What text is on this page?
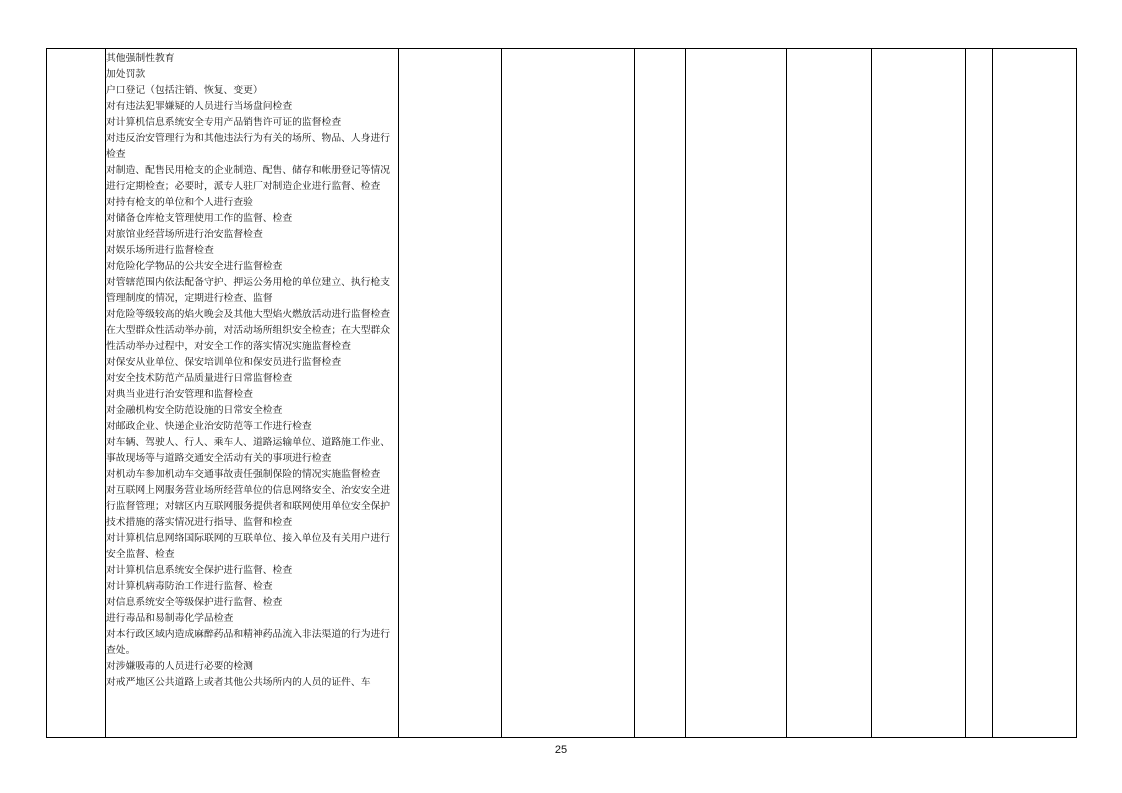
其他强制性教育
加处罚款
户口登记（包括注销、恢复、变更）
对有违法犯罪嫌疑的人员进行当场盘问检查
对计算机信息系统安全专用产品销售许可证的监督检查
对违反治安管理行为和其他违法行为有关的场所、物品、人身进行检查
对制造、配售民用枪支的企业制造、配售、储存和帐册登记等情况进行定期检查；必要时，派专人驻厂对制造企业进行监督、检查
对持有枪支的单位和个人进行查验
对储备仓库枪支管理使用工作的监督、检查
对旅馆业经营场所进行治安监督检查
对娱乐场所进行监督检查
对危险化学物品的公共安全进行监督检查
对管辖范围内依法配备守护、押运公务用枪的单位建立、执行枪支管理制度的情况，定期进行检查、监督
对危险等级较高的焰火晚会及其他大型焰火燃放活动进行监督检查
在大型群众性活动举办前，对活动场所组织安全检查；在大型群众性活动举办过程中，对安全工作的落实情况实施监督检查
对保安从业单位、保安培训单位和保安员进行监督检查
对安全技术防范产品质量进行日常监督检查
对典当业进行治安管理和监督检查
对金融机构安全防范设施的日常安全检查
对邮政企业、快递企业治安防范等工作进行检查
对车辆、驾驶人、行人、乘车人、道路运输单位、道路施工作业、事故现场等与道路交通安全活动有关的事项进行检查
对机动车参加机动车交通事故责任强制保险的情况实施监督检查
对互联网上网服务营业场所经营单位的信息网络安全、治安安全进行监督管理；对辖区内互联网服务提供者和联网使用单位安全保护技术措施的落实情况进行指导、监督和检查
对计算机信息网络国际联网的互联单位、接入单位及有关用户进行安全监督、检查
对计算机信息系统安全保护进行监督、检查
对计算机病毒防治工作进行监督、检查
对信息系统安全等级保护进行监督、检查
进行毒品和易制毒化学品检查
对本行政区域内造成麻醉药品和精神药品流入非法渠道的行为进行查处。
对涉嫌吸毒的人员进行必要的检测
对戒严地区公共道路上或者其他公共场所内的人员的证件、车
25
